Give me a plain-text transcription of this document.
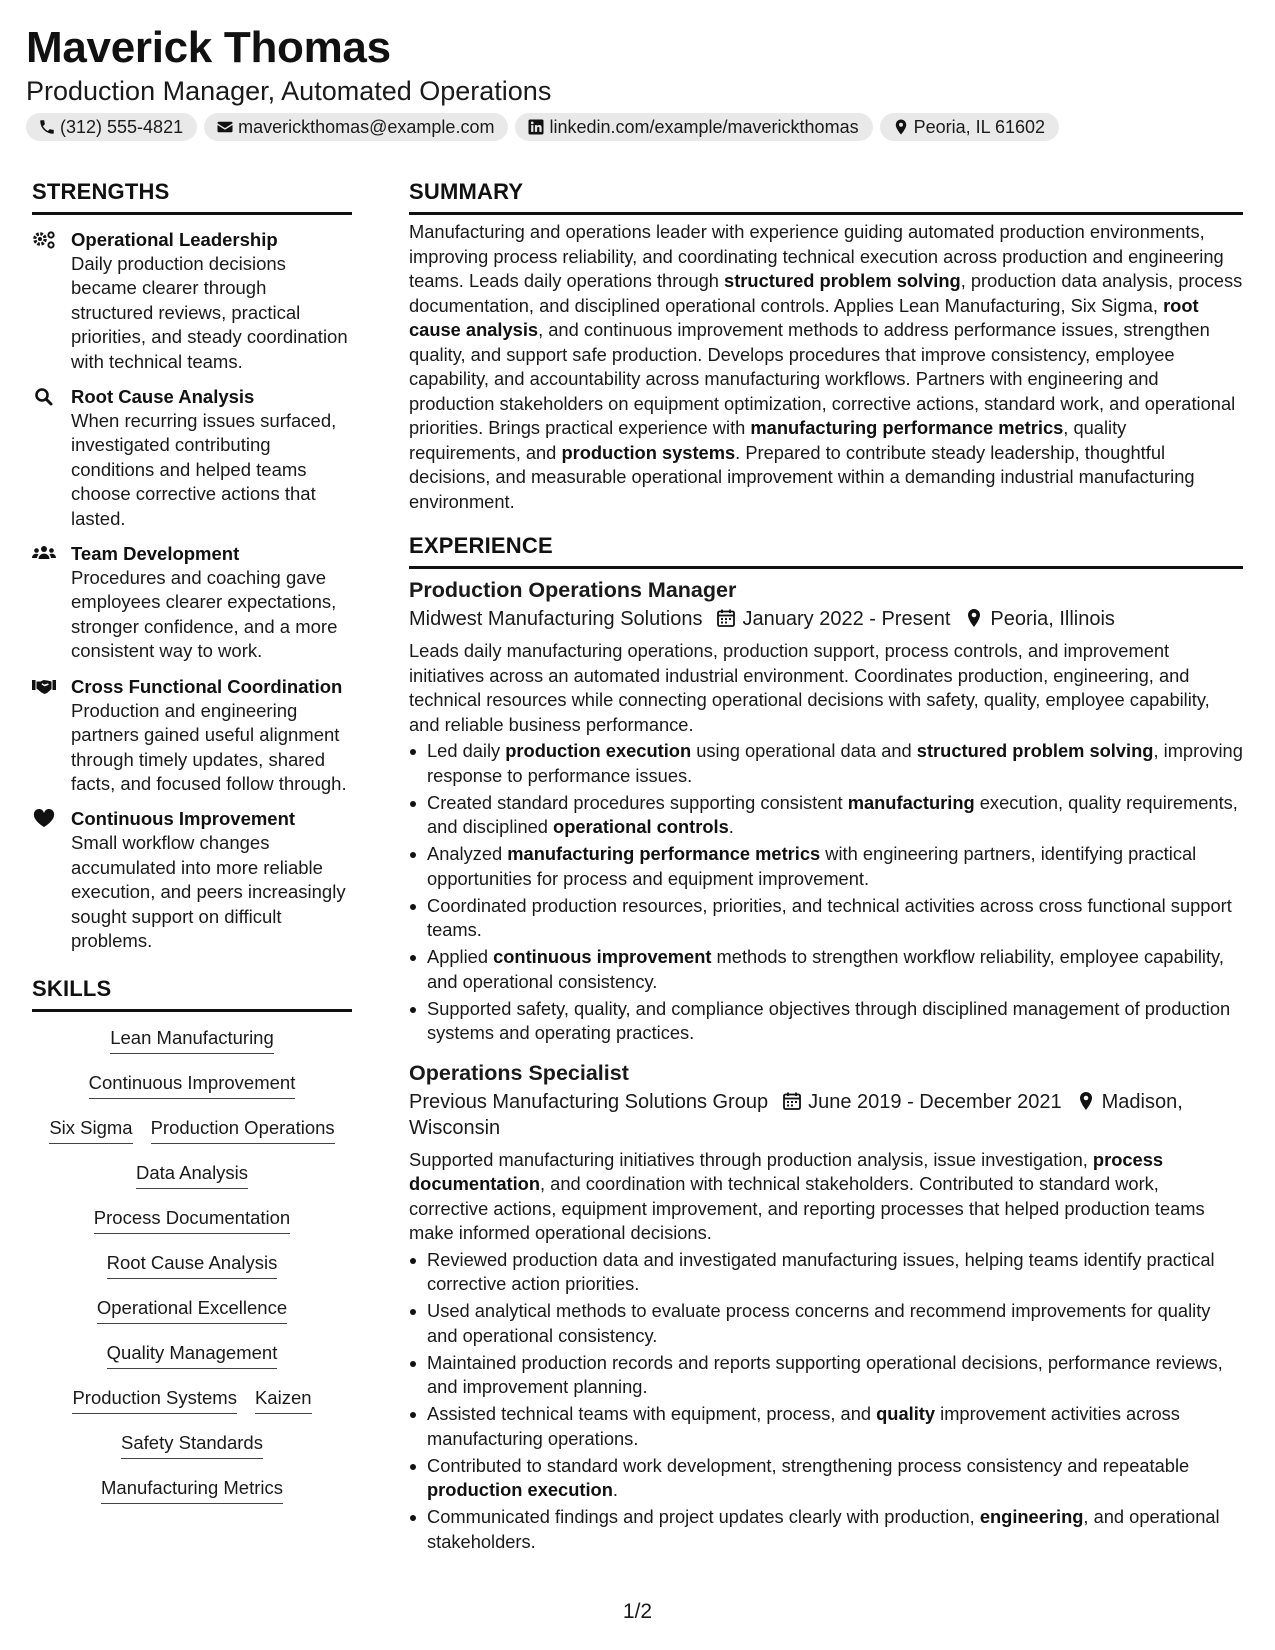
Maverick Thomas
Production Manager, Automated Operations
(312) 555-4821	maverickthomas@example.com	linkedin.com/example/maverickthomas	Peoria, IL 61602
STRENGTHS
Operational Leadership
Daily production decisions became clearer through structured reviews, practical priorities, and steady coordination with technical teams.
Root Cause Analysis
When recurring issues surfaced, investigated contributing conditions and helped teams choose corrective actions that lasted.
Team Development
Procedures and coaching gave employees clearer expectations, stronger confidence, and a more consistent way to work.
Cross Functional Coordination
Production and engineering partners gained useful alignment through timely updates, shared facts, and focused follow through.
Continuous Improvement
Small workflow changes accumulated into more reliable execution, and peers increasingly sought support on difficult problems.
SKILLS
Lean Manufacturing
Continuous Improvement
Six Sigma Production Operations
Data Analysis
Process Documentation
Root Cause Analysis
Operational Excellence
Quality Management
Production Systems Kaizen
Safety Standards
Manufacturing Metrics
SUMMARY
Manufacturing and operations leader with experience guiding automated production environments, improving process reliability, and coordinating technical execution across production and engineering teams. Leads daily operations through structured problem solving, production data analysis, process documentation, and disciplined operational controls. Applies Lean Manufacturing, Six Sigma, root cause analysis, and continuous improvement methods to address performance issues, strengthen quality, and support safe production. Develops procedures that improve consistency, employee capability, and accountability across manufacturing workflows. Partners with engineering and production stakeholders on equipment optimization, corrective actions, standard work, and operational priorities. Brings practical experience with manufacturing performance metrics, quality requirements, and production systems. Prepared to contribute steady leadership, thoughtful decisions, and measurable operational improvement within a demanding industrial manufacturing environment.
EXPERIENCE
Production Operations Manager
Midwest Manufacturing Solutions January 2022 - Present Peoria, Illinois
Leads daily manufacturing operations, production support, process controls, and improvement initiatives across an automated industrial environment. Coordinates production, engineering, and technical resources while connecting operational decisions with safety, quality, employee capability, and reliable business performance.
Led daily production execution using operational data and structured problem solving, improving response to performance issues.
Created standard procedures supporting consistent manufacturing execution, quality requirements, and disciplined operational controls.
Analyzed manufacturing performance metrics with engineering partners, identifying practical opportunities for process and equipment improvement.
Coordinated production resources, priorities, and technical activities across cross functional support teams.
Applied continuous improvement methods to strengthen workflow reliability, employee capability, and operational consistency.
Supported safety, quality, and compliance objectives through disciplined management of production systems and operating practices.
Operations Specialist
Previous Manufacturing Solutions Group June 2019 - December 2021 Madison, Wisconsin
Supported manufacturing initiatives through production analysis, issue investigation, process documentation, and coordination with technical stakeholders. Contributed to standard work, corrective actions, equipment improvement, and reporting processes that helped production teams make informed operational decisions.
Reviewed production data and investigated manufacturing issues, helping teams identify practical corrective action priorities.
Used analytical methods to evaluate process concerns and recommend improvements for quality and operational consistency.
Maintained production records and reports supporting operational decisions, performance reviews, and improvement planning.
Assisted technical teams with equipment, process, and quality improvement activities across manufacturing operations.
Contributed to standard work development, strengthening process consistency and repeatable production execution.
Communicated findings and project updates clearly with production, engineering, and operational stakeholders.
1/2
